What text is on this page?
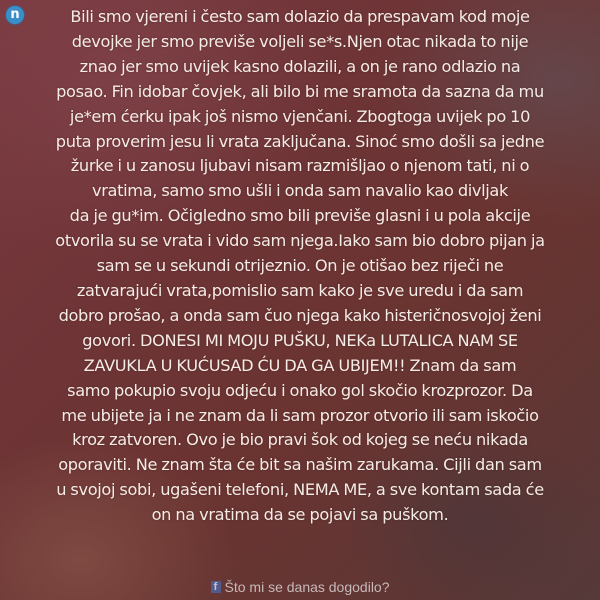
n	Bili smo vjereni i često sam dolazio da prespavam kod moje
devojke jer smo previše voljeli se*s.Njen otac nikada to nije
znao jer smo uvijek kasno dolazili, a on je rano odlazio na
posao. Fin idobar čovjek, ali bilo bi me sramota da sazna da mu
je*em ćerku ipak još nismo vjenčani. Zbogtoga uvijek po 10
puta proverim jesu li vrata zaključana. Sinoć smo došli sa jedne
žurke i u zanosu ljubavi nisam razmišljao o njenom tati, ni o
vratima, samo smo ušli i onda sam navalio kao divljak
da je gu*im. Očigledno smo bili previše glasni i u pola akcije
otvorila su se vrata i vido sam njega.Iako sam bio dobro pijan ja
sam se u sekundi otrijeznio. On je otišao bez riječi ne
zatvarajući vrata,pomislio sam kako je sve uredu i da sam
dobro prošao, a onda sam čuo njega kako histeričnosvojoj ženi
govori. DONESI MI MOJU PUŠKU, NEKa LUTALICA NAM SE
ZAVUKLA U KUĆUSAD ĆU DA GA UBIJEM!! Znam da sam
samo pokupio svoju odjeću i onako gol skočio krozprozor. Da
me ubijete ja i ne znam da li sam prozor otvorio ili sam iskočio
kroz zatvoren. Ovo je bio pravi šok od kojeg se neću nikada
oporaviti. Ne znam šta će bit sa našim zarukama. Cijli dan sam
u svojoj sobi, ugašeni telefoni, NEMA ME, a sve kontam sada će
on na vratima da se pojavi sa puškom.

f Što mi se danas dogodilo?
